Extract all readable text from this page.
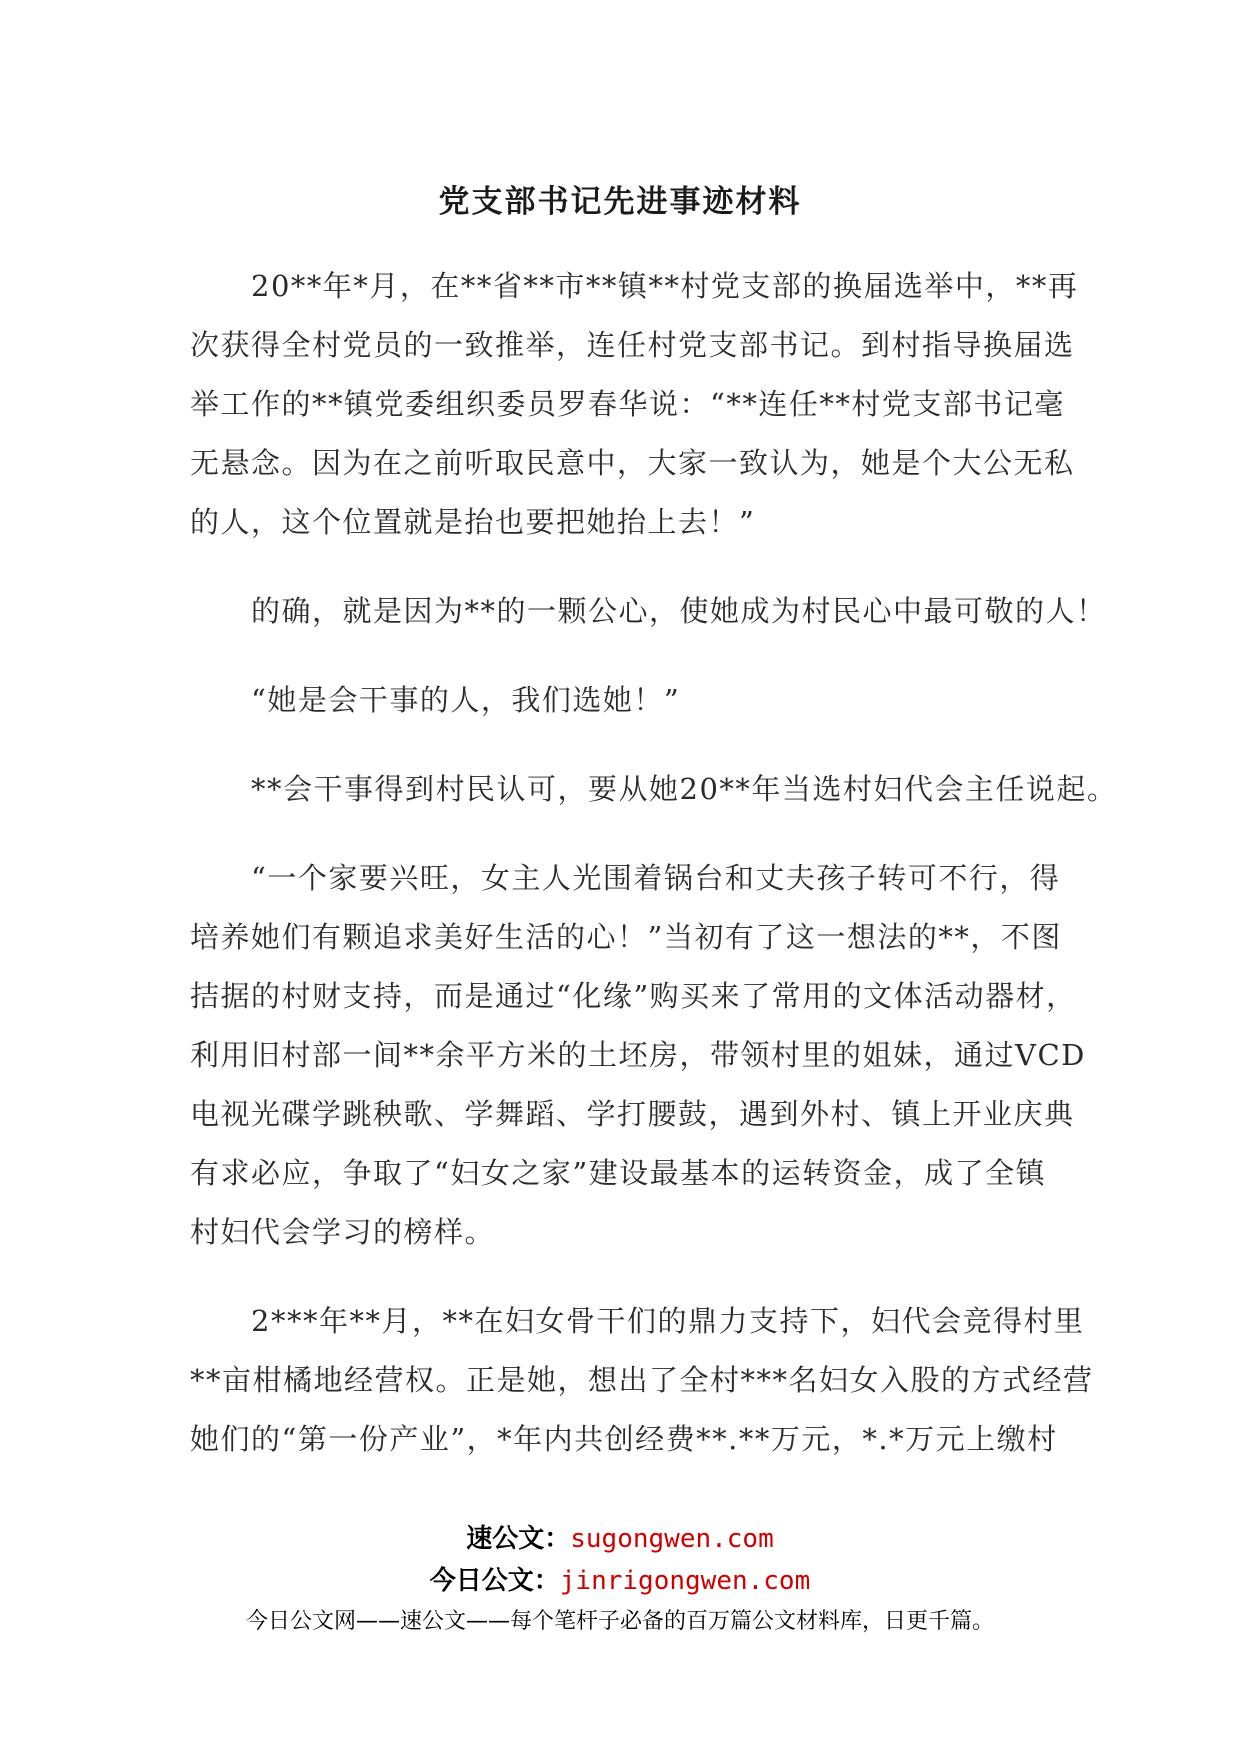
党支部书记先进事迹材料
　　20**年*月，在**省**市**镇**村党支部的换届选举中，**再
次获得全村党员的一致推举，连任村党支部书记。到村指导换届选
举工作的**镇党委组织委员罗春华说：“**连任**村党支部书记毫
无悬念。因为在之前听取民意中，大家一致认为，她是个大公无私
的人，这个位置就是抬也要把她抬上去！”
　　的确，就是因为**的一颗公心，使她成为村民心中最可敬的人！
　　“她是会干事的人，我们选她！”
　　**会干事得到村民认可，要从她20**年当选村妇代会主任说起。
　　“一个家要兴旺，女主人光围着锅台和丈夫孩子转可不行，得
培养她们有颗追求美好生活的心！”当初有了这一想法的**，不图
拮据的村财支持，而是通过“化缘”购买来了常用的文体活动器材，
利用旧村部一间**余平方米的土坯房，带领村里的姐妹，通过VCD
电视光碟学跳秧歌、学舞蹈、学打腰鼓，遇到外村、镇上开业庆典
有求必应，争取了“妇女之家”建设最基本的运转资金，成了全镇
村妇代会学习的榜样。
　　2***年**月，**在妇女骨干们的鼎力支持下，妇代会竞得村里
**亩柑橘地经营权。正是她，想出了全村***名妇女入股的方式经营
她们的“第一份产业”，*年内共创经费**.**万元，*.*万元上缴村
速公文：sugongwen.com
今日公文：jinrigongwen.com
今日公文网——速公文——每个笔杆子必备的百万篇公文材料库，日更千篇。
